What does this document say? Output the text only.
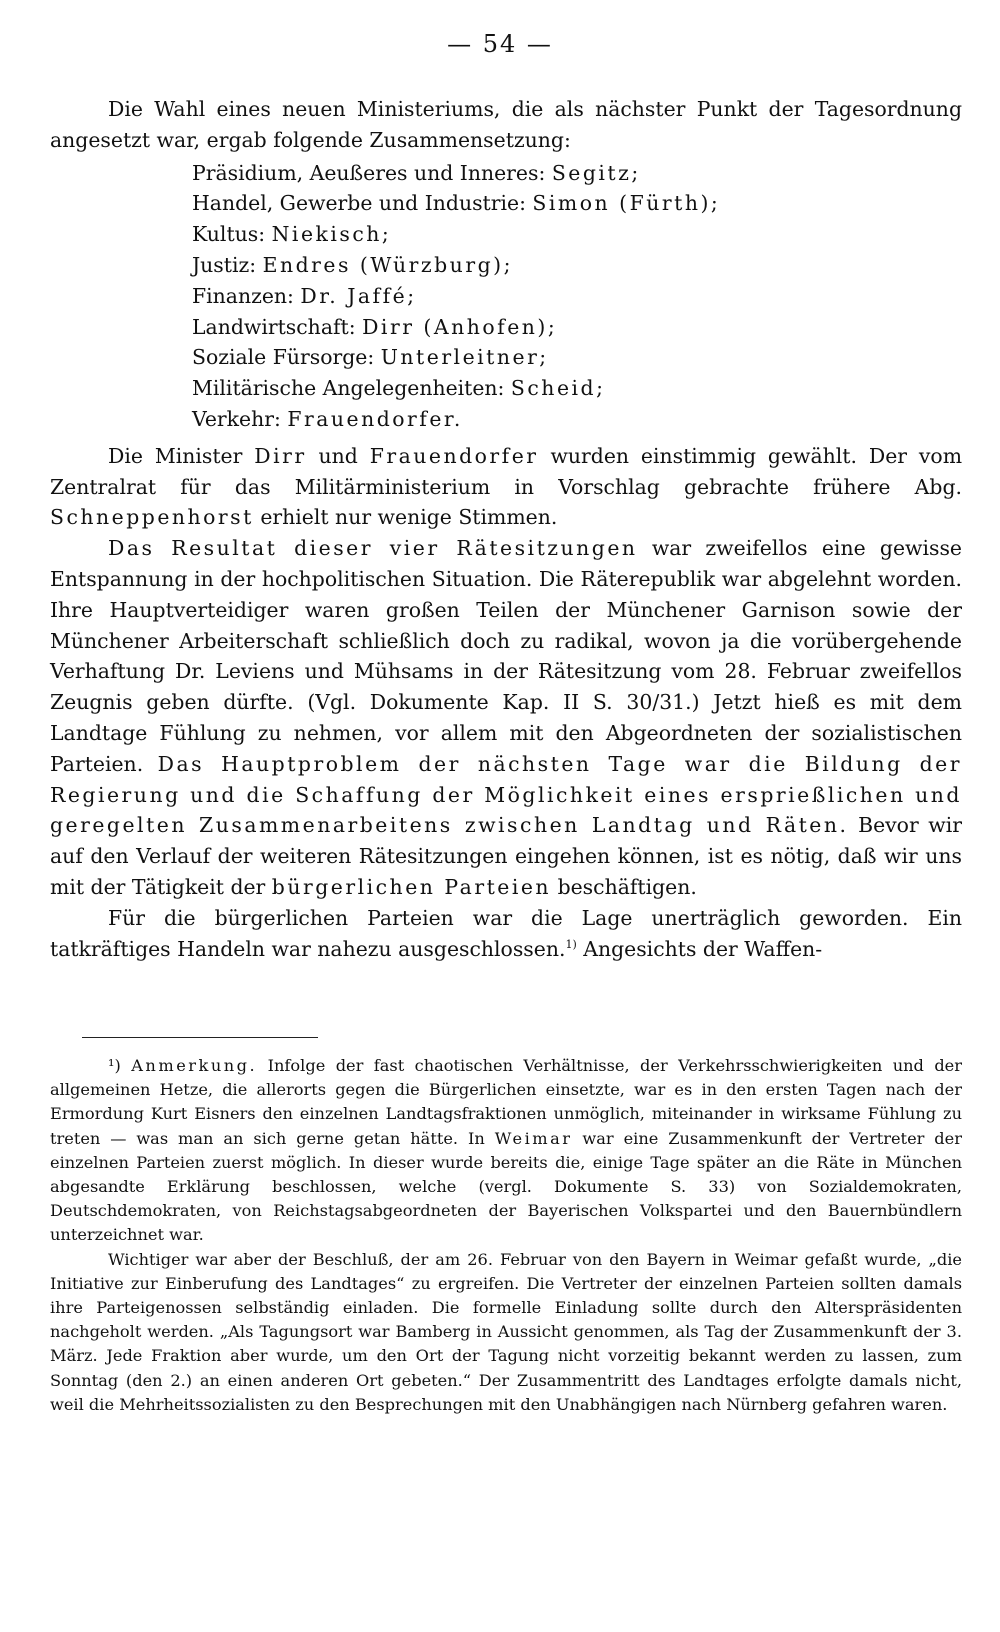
— 54 —

Die Wahl eines neuen Ministeriums, die als nächster Punkt der Tagesordnung angesetzt war, ergab folgende Zusammensetzung:

Präsidium, Aeußeres und Inneres: Segitz;
Handel, Gewerbe und Industrie: Simon (Fürth);
Kultus: Niekisch;
Justiz: Endres (Würzburg);
Finanzen: Dr. Jaffé;
Landwirtschaft: Dirr (Anhofen);
Soziale Fürsorge: Unterleitner;
Militärische Angelegenheiten: Scheid;
Verkehr: Frauendorfer.

Die Minister Dirr und Frauendorfer wurden einstimmig gewählt. Der vom Zentralrat für das Militärministerium in Vorschlag gebrachte frühere Abg. Schneppenhorst erhielt nur wenige Stimmen.

Das Resultat dieser vier Rätesitzungen war zweifellos eine gewisse Entspannung in der hochpolitischen Situation. Die Räterepublik war abgelehnt worden. Ihre Hauptverteidiger waren großen Teilen der Münchener Garnison sowie der Münchener Arbeiterschaft schließlich doch zu radikal, wovon ja die vorübergehende Verhaftung Dr. Leviens und Mühsams in der Rätesitzung vom 28. Februar zweifellos Zeugnis geben dürfte. (Vgl. Dokumente Kap. II S. 30/31.) Jetzt hieß es mit dem Landtage Fühlung zu nehmen, vor allem mit den Abgeordneten der sozialistischen Parteien. Das Hauptproblem der nächsten Tage war die Bildung der Regierung und die Schaffung der Möglichkeit eines ersprießlichen und geregelten Zusammenarbeitens zwischen Landtag und Räten. Bevor wir auf den Verlauf der weiteren Rätesitzungen eingehen können, ist es nötig, daß wir uns mit der Tätigkeit der bürgerlichen Parteien beschäftigen.

Für die bürgerlichen Parteien war die Lage unerträglich geworden. Ein tatkräftiges Handeln war nahezu ausgeschlossen.$^{1)}$ Angesichts der Waffen-

¹) Anmerkung. Infolge der fast chaotischen Verhältnisse, der Verkehrsschwierigkeiten und der allgemeinen Hetze, die allerorts gegen die Bürgerlichen einsetzte, war es in den ersten Tagen nach der Ermordung Kurt Eisners den einzelnen Landtagsfraktionen unmöglich, miteinander in wirksame Fühlung zu treten — was man an sich gerne getan hätte. In Weimar war eine Zusammenkunft der Vertreter der einzelnen Parteien zuerst möglich. In dieser wurde bereits die, einige Tage später an die Räte in München abgesandte Erklärung beschlossen, welche (vergl. Dokumente S. 33) von Sozialdemokraten, Deutschdemokraten, von Reichstagsabgeordneten der Bayerischen Volkspartei und den Bauernbündlern unterzeichnet war.

Wichtiger war aber der Beschluß, der am 26. Februar von den Bayern in Weimar gefaßt wurde, „die Initiative zur Einberufung des Landtages“ zu ergreifen. Die Vertreter der einzelnen Parteien sollten damals ihre Parteigenossen selbständig einladen. Die formelle Einladung sollte durch den Alterspräsidenten nachgeholt werden. „Als Tagungsort war Bamberg in Aussicht genommen, als Tag der Zusammenkunft der 3. März. Jede Fraktion aber wurde, um den Ort der Tagung nicht vorzeitig bekannt werden zu lassen, zum Sonntag (den 2.) an einen anderen Ort gebeten.“ Der Zusammentritt des Landtages erfolgte damals nicht, weil die Mehrheitssozialisten zu den Besprechungen mit den Unabhängigen nach Nürnberg gefahren waren.
